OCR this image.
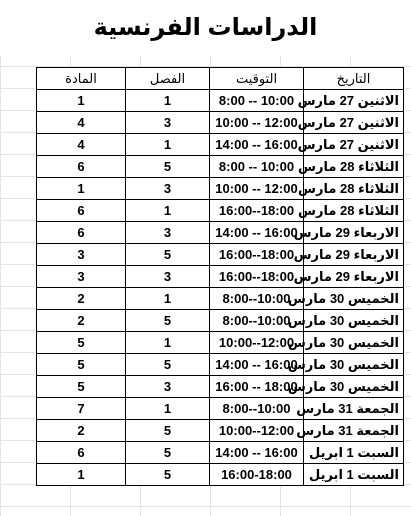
الدراسات الفرنسية
التاريخ	التوقيت	الفصل	المادة
الاثنين 27 مارس	8:00 -- 10:00	1	1
الاثنين 27 مارس	10:00 -- 12:00	3	4
الاثنين 27 مارس	14:00 -- 16:00	1	4
الثلاثاء 28 مارس	8:00 -- 10:00	5	6
الثلاثاء 28 مارس	10:00 -- 12:00	3	1
الثلاثاء 28 مارس	16:00--18:00	1	6
الاربعاء 29 مارس	14:00 -- 16:00	3	6
الاربعاء 29 مارس	16:00--18:00	5	3
الاربعاء 29 مارس	16:00--18:00	3	3
الخميس 30 مارس	8:00--10:00	1	2
الخميس 30 مارس	8:00--10:00	5	2
الخميس 30 مارس	10:00--12:00	1	5
الخميس 30 مارس	14:00 -- 16:00	5	5
الخميس 30 مارس	16:00 -- 18:00	3	5
الجمعة 31 مارس	8:00--10:00	1	7
الجمعة 31 مارس	10:00--12:00	5	2
السبت 1 ابريل	14:00 -- 16:00	5	6
السبت 1 ابريل	16:00-18:00	5	1
